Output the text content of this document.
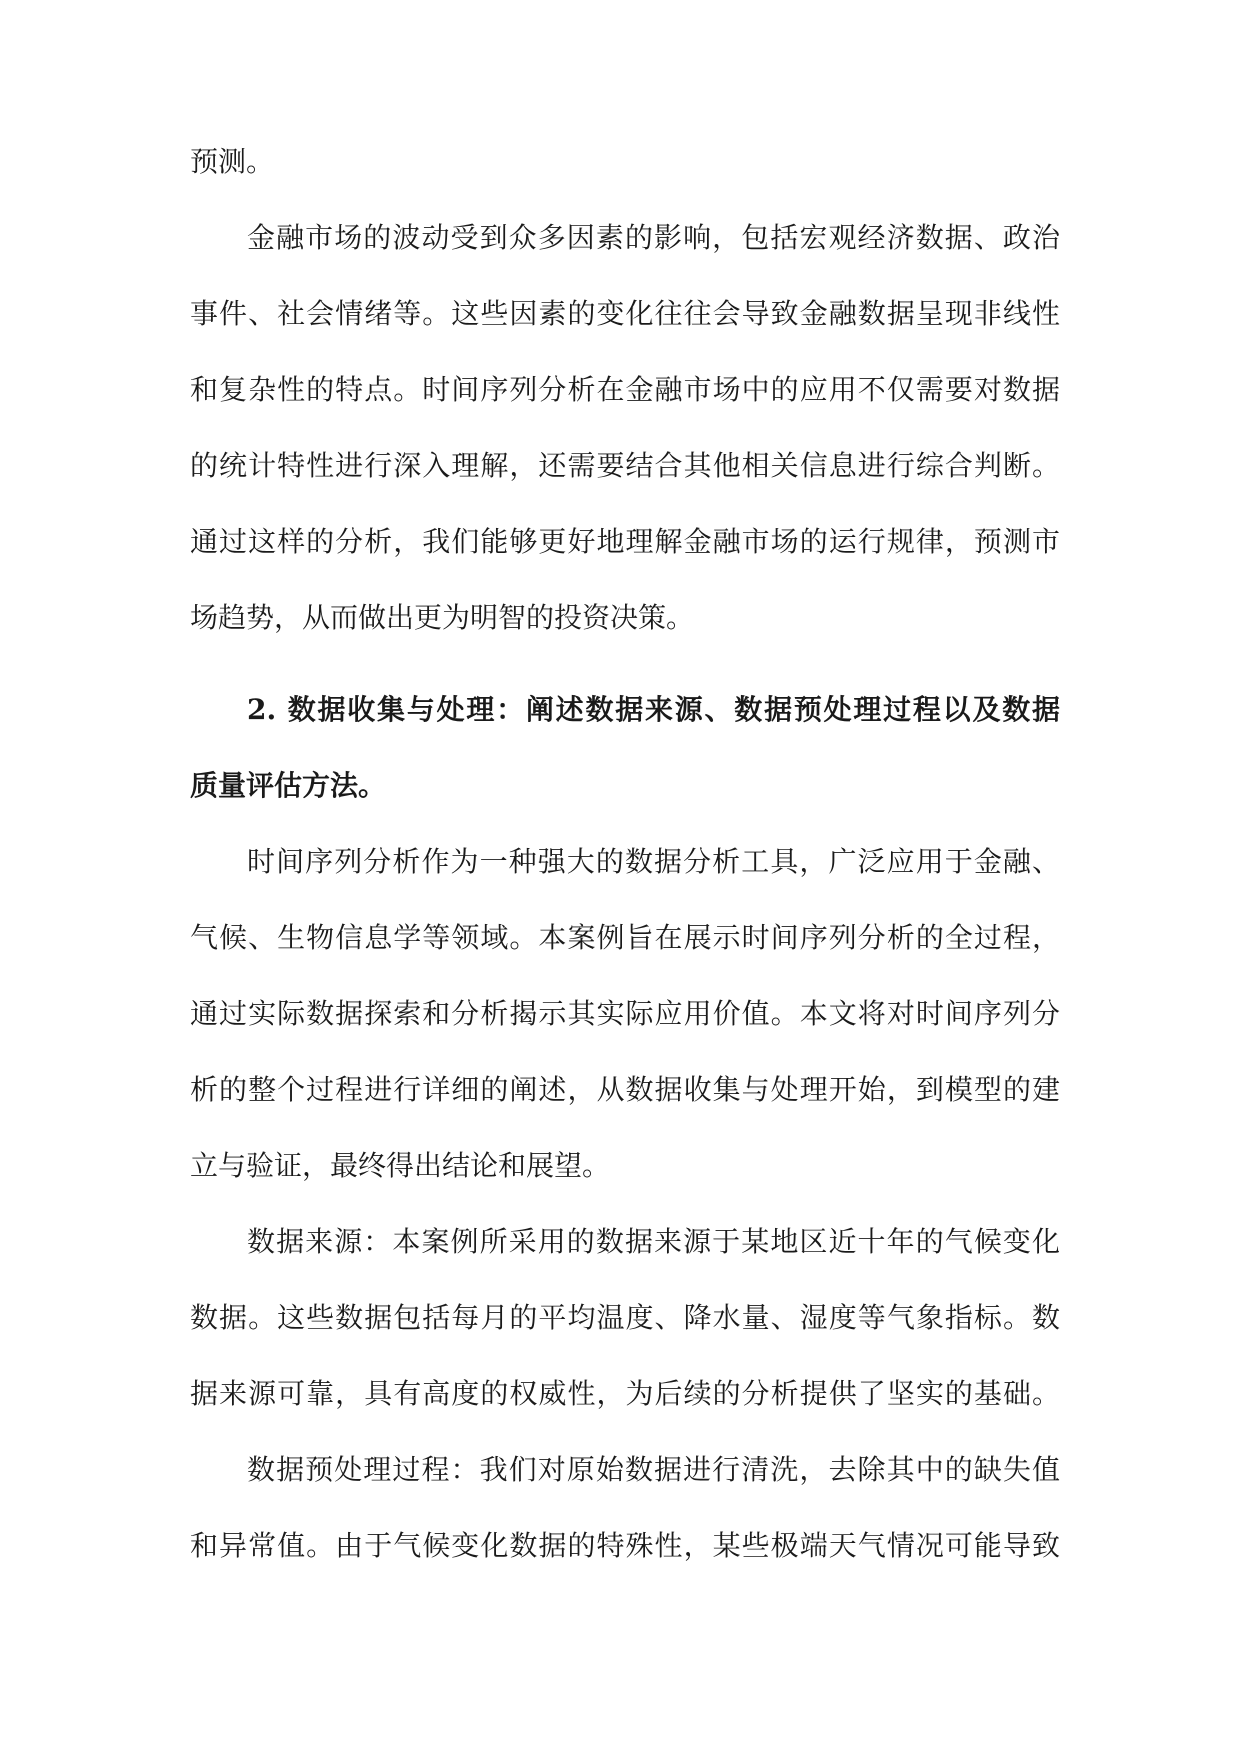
预测。
金融市场的波动受到众多因素的影响，包括宏观经济数据、政治
事件、社会情绪等。这些因素的变化往往会导致金融数据呈现非线性
和复杂性的特点。时间序列分析在金融市场中的应用不仅需要对数据
的统计特性进行深入理解，还需要结合其他相关信息进行综合判断。
通过这样的分析，我们能够更好地理解金融市场的运行规律，预测市
场趋势，从而做出更为明智的投资决策。
2. 数据收集与处理：阐述数据来源、数据预处理过程以及数据
质量评估方法。
时间序列分析作为一种强大的数据分析工具，广泛应用于金融、
气候、生物信息学等领域。本案例旨在展示时间序列分析的全过程，
通过实际数据探索和分析揭示其实际应用价值。本文将对时间序列分
析的整个过程进行详细的阐述，从数据收集与处理开始，到模型的建
立与验证，最终得出结论和展望。
数据来源：本案例所采用的数据来源于某地区近十年的气候变化
数据。这些数据包括每月的平均温度、降水量、湿度等气象指标。数
据来源可靠，具有高度的权威性，为后续的分析提供了坚实的基础。
数据预处理过程：我们对原始数据进行清洗，去除其中的缺失值
和异常值。由于气候变化数据的特殊性，某些极端天气情况可能导致
